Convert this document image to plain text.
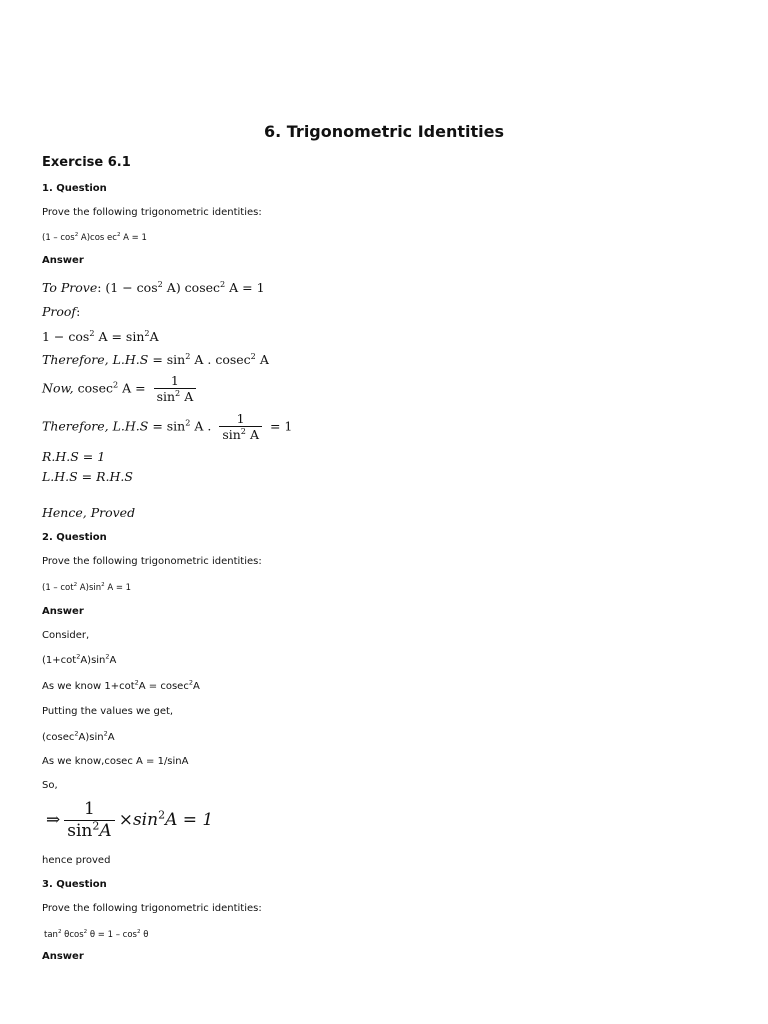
6. Trigonometric Identities
Exercise 6.1
1. Question
Prove the following trigonometric identities:
$(1 - \cos^2 A)\cos$ $ec^2$ A = 1
Answer
To Prove: $(1 - \cos^2 A)$ cosec$^2$ A = 1
Proof:
$1 - \cos^2 A = \sin^2A$
Therefore, $L.H.S = \sin^2 A$ . cosec$^2$ A
Now, cosec$^2$ $A = \frac{1}{\sin^2 A}$
Therefore, $L.H.S = \sin^2 A$ . $\frac{1}{\sin^2 A} = 1$
R.H.S = 1
L.H.S = R.H.S
Hence, Proved
2. Question
Prove the following trigonometric identities:
$(1 - \cot^2 A)\sin^2$ A = 1
Answer
Consider,
$(1+\cot^2A)\sin^2A$
As we know $1+\cot^2A = cosec^2A$
Putting the values we get,
$(cosec^2A)\sin^2A$
As we know,cosec A = 1/sinA
So,
⇒ $\frac{1}{\sin^2A} \times\sin^2A = 1$
hence proved
3. Question
Prove the following trigonometric identities:
$\tan^2 \theta\cos^2$ $\theta = 1 - \cos^2 \theta$
Answer
